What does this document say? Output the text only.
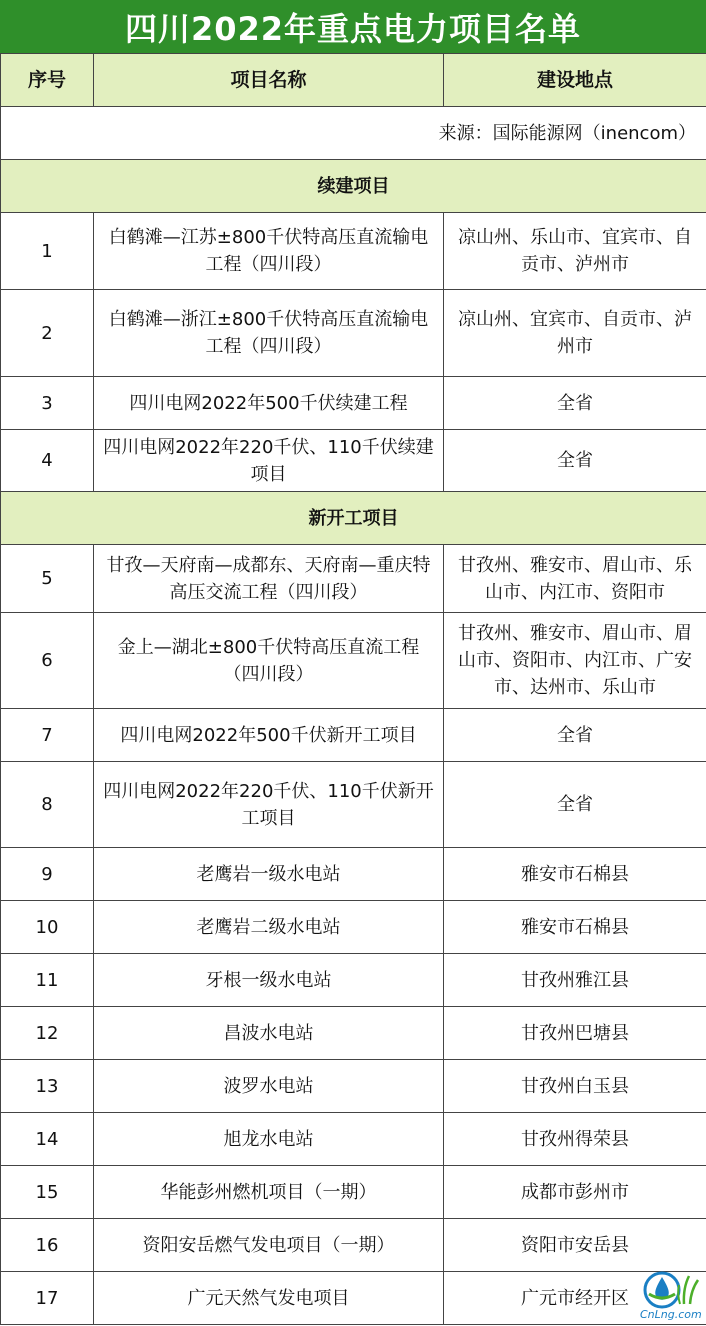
四川2022年重点电力项目名单
序号	项目名称	建设地点
来源：国际能源网（inencom）		
续建项目		
1	白鹤滩—江苏±800千伏特高压直流输电工程（四川段）	凉山州、乐山市、宜宾市、自贡市、泸州市
2	白鹤滩—浙江±800千伏特高压直流输电工程（四川段）	凉山州、宜宾市、自贡市、泸州市
3	四川电网2022年500千伏续建工程	全省
4	四川电网2022年220千伏、110千伏续建项目	全省
新开工项目		
5	甘孜—天府南—成都东、天府南—重庆特高压交流工程（四川段）	甘孜州、雅安市、眉山市、乐山市、内江市、资阳市
6	金上—湖北±800千伏特高压直流工程（四川段）	甘孜州、雅安市、眉山市、眉山市、资阳市、内江市、广安市、达州市、乐山市
7	四川电网2022年500千伏新开工项目	全省
8	四川电网2022年220千伏、110千伏新开工项目	全省
9	老鹰岩一级水电站	雅安市石棉县
10	老鹰岩二级水电站	雅安市石棉县
11	牙根一级水电站	甘孜州雅江县
12	昌波水电站	甘孜州巴塘县
13	波罗水电站	甘孜州白玉县
14	旭龙水电站	甘孜州得荣县
15	华能彭州燃机项目（一期）	成都市彭州市
16	资阳安岳燃气发电项目（一期）	资阳市安岳县
17	广元天然气发电项目	广元市经开区
CnLng.com
